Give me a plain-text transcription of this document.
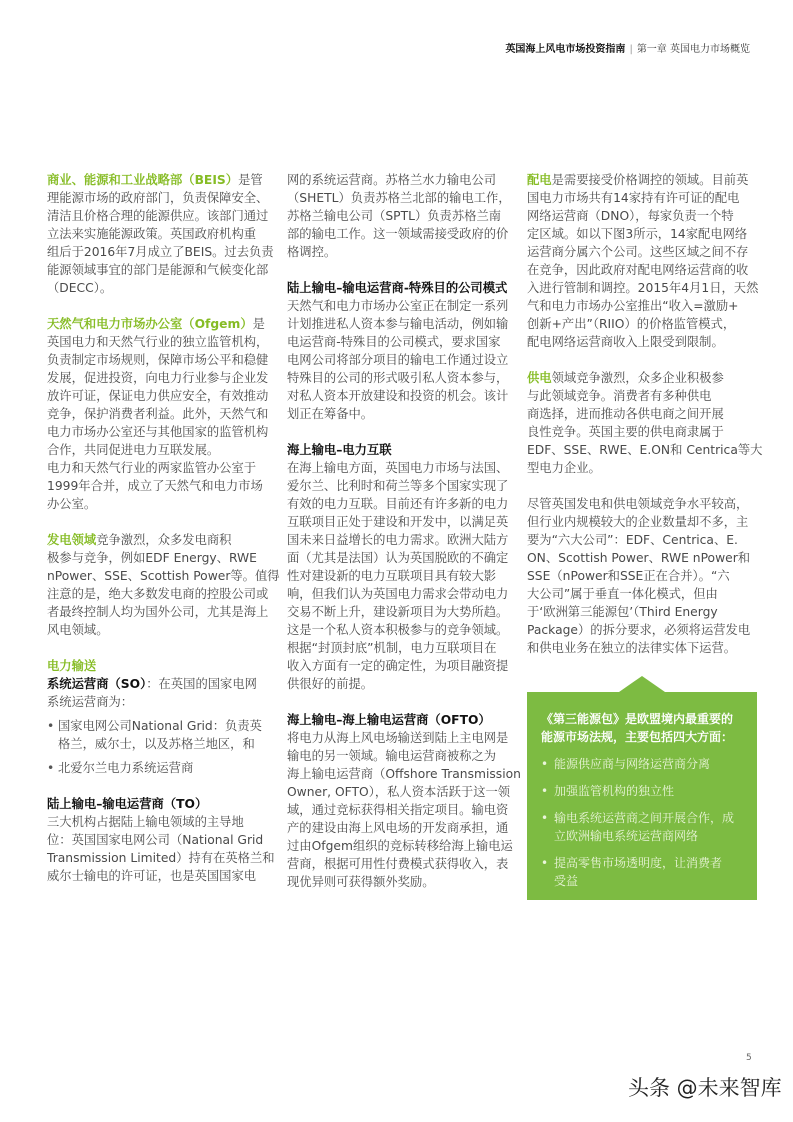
英国海上风电市场投资指南 | 第一章 英国电力市场概览
商业、能源和工业战略部（BEIS）是管
理能源市场的政府部门，负责保障安全、
清洁且价格合理的能源供应。该部门通过
立法来实施能源政策。英国政府机构重
组后于2016年7月成立了BEIS。过去负责
能源领域事宜的部门是能源和气候变化部
（DECC）。
天然气和电力市场办公室（Ofgem）是
英国电力和天然气行业的独立监管机构，
负责制定市场规则，保障市场公平和稳健
发展，促进投资，向电力行业参与企业发
放许可证，保证电力供应安全，有效推动
竞争，保护消费者利益。此外，天然气和
电力市场办公室还与其他国家的监管机构
合作，共同促进电力互联发展。
电力和天然气行业的两家监管办公室于
1999年合并，成立了天然气和电力市场
办公室。
发电领域竞争激烈，众多发电商积
极参与竞争，例如EDF Energy、RWE
nPower、SSE、Scottish Power等。值得
注意的是，绝大多数发电商的控股公司或
者最终控制人均为国外公司，尤其是海上
风电领域。
电力输送
系统运营商（SO）：在英国的国家电网
系统运营商为：
• 国家电网公司National Grid：负责英
格兰，威尔士，以及苏格兰地区，和
• 北爱尔兰电力系统运营商
陆上输电–输电运营商（TO）
三大机构占据陆上输电领域的主导地
位：英国国家电网公司（National Grid
Transmission Limited）持有在英格兰和
威尔士输电的许可证，也是英国国家电
网的系统运营商。苏格兰水力输电公司
（SHETL）负责苏格兰北部的输电工作，
苏格兰输电公司（SPTL）负责苏格兰南
部的输电工作。这一领域需接受政府的价
格调控。
陆上输电–输电运营商-特殊目的公司模式
天然气和电力市场办公室正在制定一系列
计划推进私人资本参与输电活动，例如输
电运营商-特殊目的公司模式，要求国家
电网公司将部分项目的输电工作通过设立
特殊目的公司的形式吸引私人资本参与，
对私人资本开放建设和投资的机会。该计
划正在筹备中。
海上输电–电力互联
在海上输电方面，英国电力市场与法国、
爱尔兰、比利时和荷兰等多个国家实现了
有效的电力互联。目前还有许多新的电力
互联项目正处于建设和开发中，以满足英
国未来日益增长的电力需求。欧洲大陆方
面（尤其是法国）认为英国脱欧的不确定
性对建设新的电力互联项目具有较大影
响，但我们认为英国电力需求会带动电力
交易不断上升，建设新项目为大势所趋。
这是一个私人资本积极参与的竞争领域。
根据“封顶封底”机制，电力互联项目在
收入方面有一定的确定性，为项目融资提
供很好的前提。
海上输电–海上输电运营商（OFTO）
将电力从海上风电场输送到陆上主电网是
输电的另一领域。输电运营商被称之为
海上输电运营商（Offshore Transmission
Owner, OFTO），私人资本活跃于这一领
域，通过竞标获得相关指定项目。输电资
产的建设由海上风电场的开发商承担，通
过由Ofgem组织的竞标转移给海上输电运
营商，根据可用性付费模式获得收入，表
现优异则可获得额外奖励。
配电是需要接受价格调控的领域。目前英
国电力市场共有14家持有许可证的配电
网络运营商（DNO），每家负责一个特
定区域。如以下图3所示，14家配电网络
运营商分属六个公司。这些区域之间不存
在竞争，因此政府对配电网络运营商的收
入进行管制和调控。2015年4月1日，天然
气和电力市场办公室推出“收入=激励+
创新+产出”（RIIO）的价格监管模式，
配电网络运营商收入上限受到限制。
供电领域竞争激烈，众多企业积极参
与此领域竞争。消费者有多种供电
商选择，进而推动各供电商之间开展
良性竞争。英国主要的供电商隶属于
EDF、SSE、RWE、E.ON和 Centrica等大
型电力企业。
尽管英国发电和供电领域竞争水平较高，
但行业内规模较大的企业数量却不多，主
要为“六大公司”：EDF、Centrica、E.
ON、Scottish Power、RWE nPower和
SSE（nPower和SSE正在合并）。“六
大公司”属于垂直一体化模式，但由
于‘欧洲第三能源包’（Third Energy
Package）的拆分要求，必须将运营发电
和供电业务在独立的法律实体下运营。
《第三能源包》是欧盟境内最重要的
能源市场法规，主要包括四大方面：
• 能源供应商与网络运营商分离
• 加强监管机构的独立性
• 输电系统运营商之间开展合作，成
立欧洲输电系统运营商网络
• 提高零售市场透明度，让消费者
受益
5
头条 @未来智库
